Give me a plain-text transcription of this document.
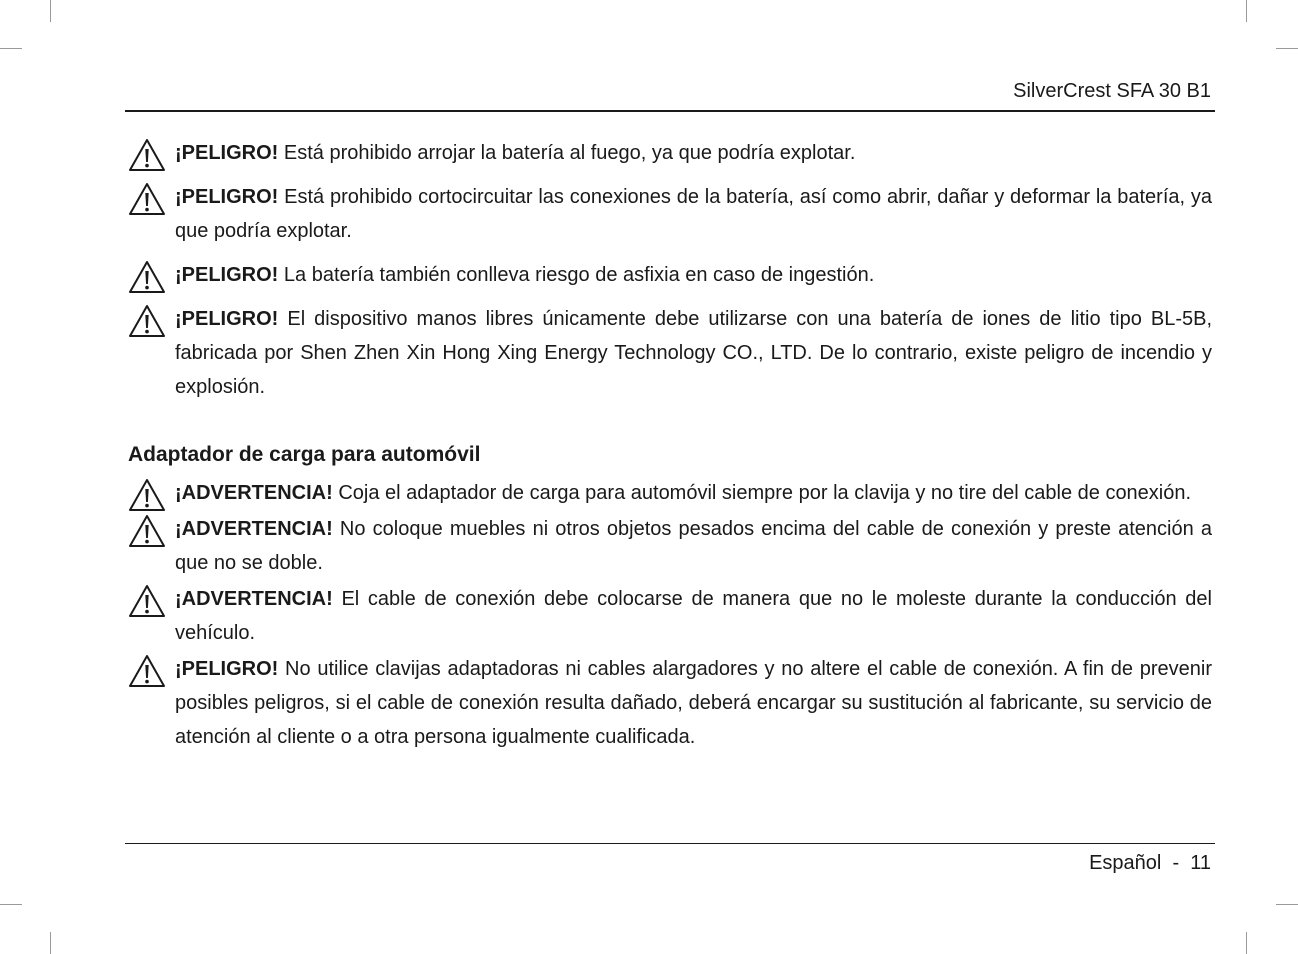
SilverCrest SFA 30 B1
¡PELIGRO! Está prohibido arrojar la batería al fuego, ya que podría explotar.
¡PELIGRO! Está prohibido cortocircuitar las conexiones de la batería, así como abrir, dañar y deformar la batería, ya que podría explotar.
¡PELIGRO! La batería también conlleva riesgo de asfixia en caso de ingestión.
¡PELIGRO! El dispositivo manos libres únicamente debe utilizarse con una batería de iones de litio tipo BL-5B, fabricada por Shen Zhen Xin Hong Xing Energy Technology CO., LTD. De lo contrario, existe peligro de incendio y explosión.
Adaptador de carga para automóvil
¡ADVERTENCIA! Coja el adaptador de carga para automóvil siempre por la clavija y no tire del cable de conexión.
¡ADVERTENCIA! No coloque muebles ni otros objetos pesados encima del cable de conexión y preste atención a que no se doble.
¡ADVERTENCIA! El cable de conexión debe colocarse de manera que no le moleste durante la conducción del vehículo.
¡PELIGRO! No utilice clavijas adaptadoras ni cables alargadores y no altere el cable de conexión. A fin de prevenir posibles peligros, si el cable de conexión resulta dañado, deberá encargar su sustitución al fabricante, su servicio de atención al cliente o a otra persona igualmente cualificada.
Español  -  11
